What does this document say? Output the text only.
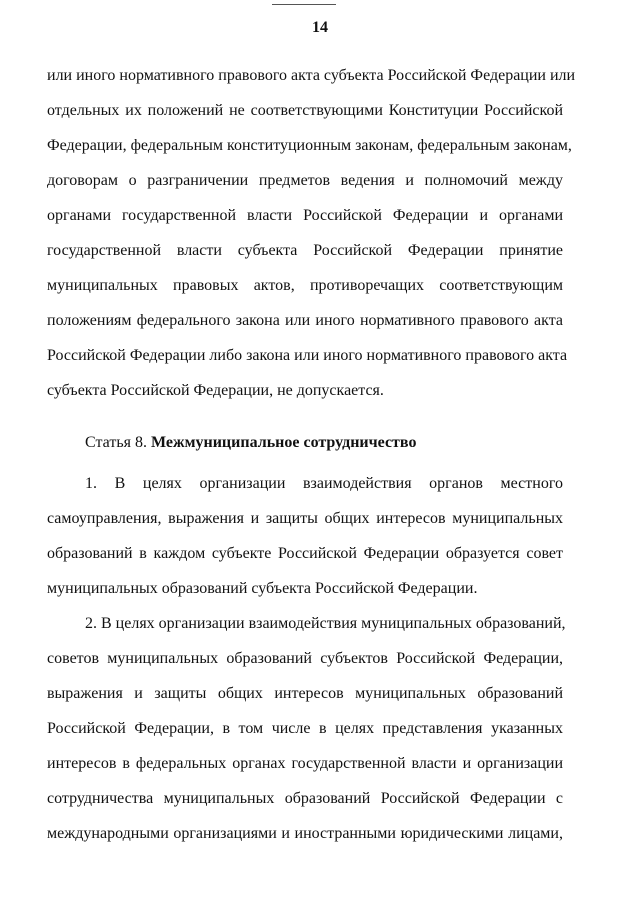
14
или иного нормативного правового акта субъекта Российской Федерации или
отдельных их положений не соответствующими Конституции Российской
Федерации, федеральным конституционным законам, федеральным законам,
договорам о разграничении предметов ведения и полномочий между
органами государственной власти Российской Федерации и органами
государственной власти субъекта Российской Федерации принятие
муниципальных правовых актов, противоречащих соответствующим
положениям федерального закона или иного нормативного правового акта
Российской Федерации либо закона или иного нормативного правового акта
субъекта Российской Федерации, не допускается.
Статья 8. Межмуниципальное сотрудничество
1. В целях организации взаимодействия органов местного
самоуправления, выражения и защиты общих интересов муниципальных
образований в каждом субъекте Российской Федерации образуется совет
муниципальных образований субъекта Российской Федерации.
2. В целях организации взаимодействия муниципальных образований,
советов муниципальных образований субъектов Российской Федерации,
выражения и защиты общих интересов муниципальных образований
Российской Федерации, в том числе в целях представления указанных
интересов в федеральных органах государственной власти и организации
сотрудничества муниципальных образований Российской Федерации с
международными организациями и иностранными юридическими лицами,
